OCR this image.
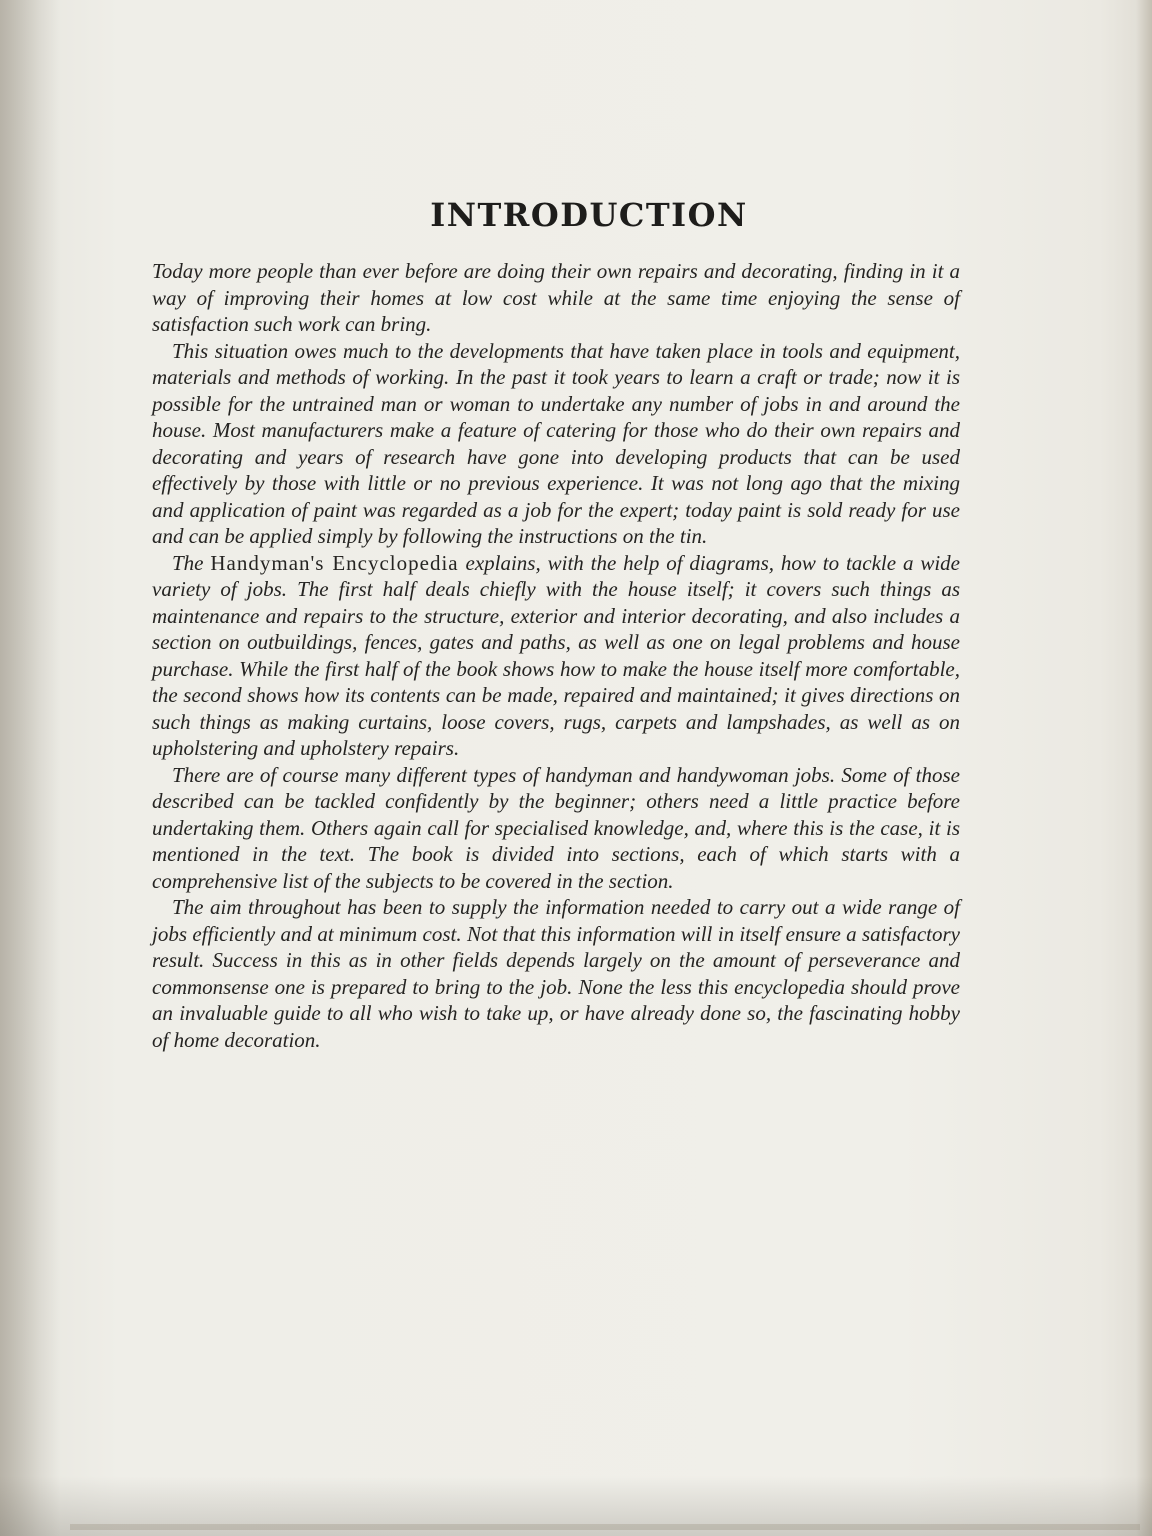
INTRODUCTION

Today more people than ever before are doing their own repairs and decorating, finding in it a way of improving their homes at low cost while at the same time enjoying the sense of satisfaction such work can bring.

This situation owes much to the developments that have taken place in tools and equipment, materials and methods of working. In the past it took years to learn a craft or trade; now it is possible for the untrained man or woman to undertake any number of jobs in and around the house. Most manufacturers make a feature of catering for those who do their own repairs and decorating and years of research have gone into developing products that can be used effectively by those with little or no previous experience. It was not long ago that the mixing and application of paint was regarded as a job for the expert; today paint is sold ready for use and can be applied simply by following the instructions on the tin.

The Handyman's Encyclopedia explains, with the help of diagrams, how to tackle a wide variety of jobs. The first half deals chiefly with the house itself; it covers such things as maintenance and repairs to the structure, exterior and interior decorating, and also includes a section on outbuildings, fences, gates and paths, as well as one on legal problems and house purchase. While the first half of the book shows how to make the house itself more comfortable, the second shows how its contents can be made, repaired and maintained; it gives directions on such things as making curtains, loose covers, rugs, carpets and lampshades, as well as on upholstering and upholstery repairs.

There are of course many different types of handyman and handywoman jobs. Some of those described can be tackled confidently by the beginner; others need a little practice before undertaking them. Others again call for specialised knowledge, and, where this is the case, it is mentioned in the text. The book is divided into sections, each of which starts with a comprehensive list of the subjects to be covered in the section.

The aim throughout has been to supply the information needed to carry out a wide range of jobs efficiently and at minimum cost. Not that this information will in itself ensure a satisfactory result. Success in this as in other fields depends largely on the amount of perseverance and commonsense one is prepared to bring to the job. None the less this encyclopedia should prove an invaluable guide to all who wish to take up, or have already done so, the fascinating hobby of home decoration.
